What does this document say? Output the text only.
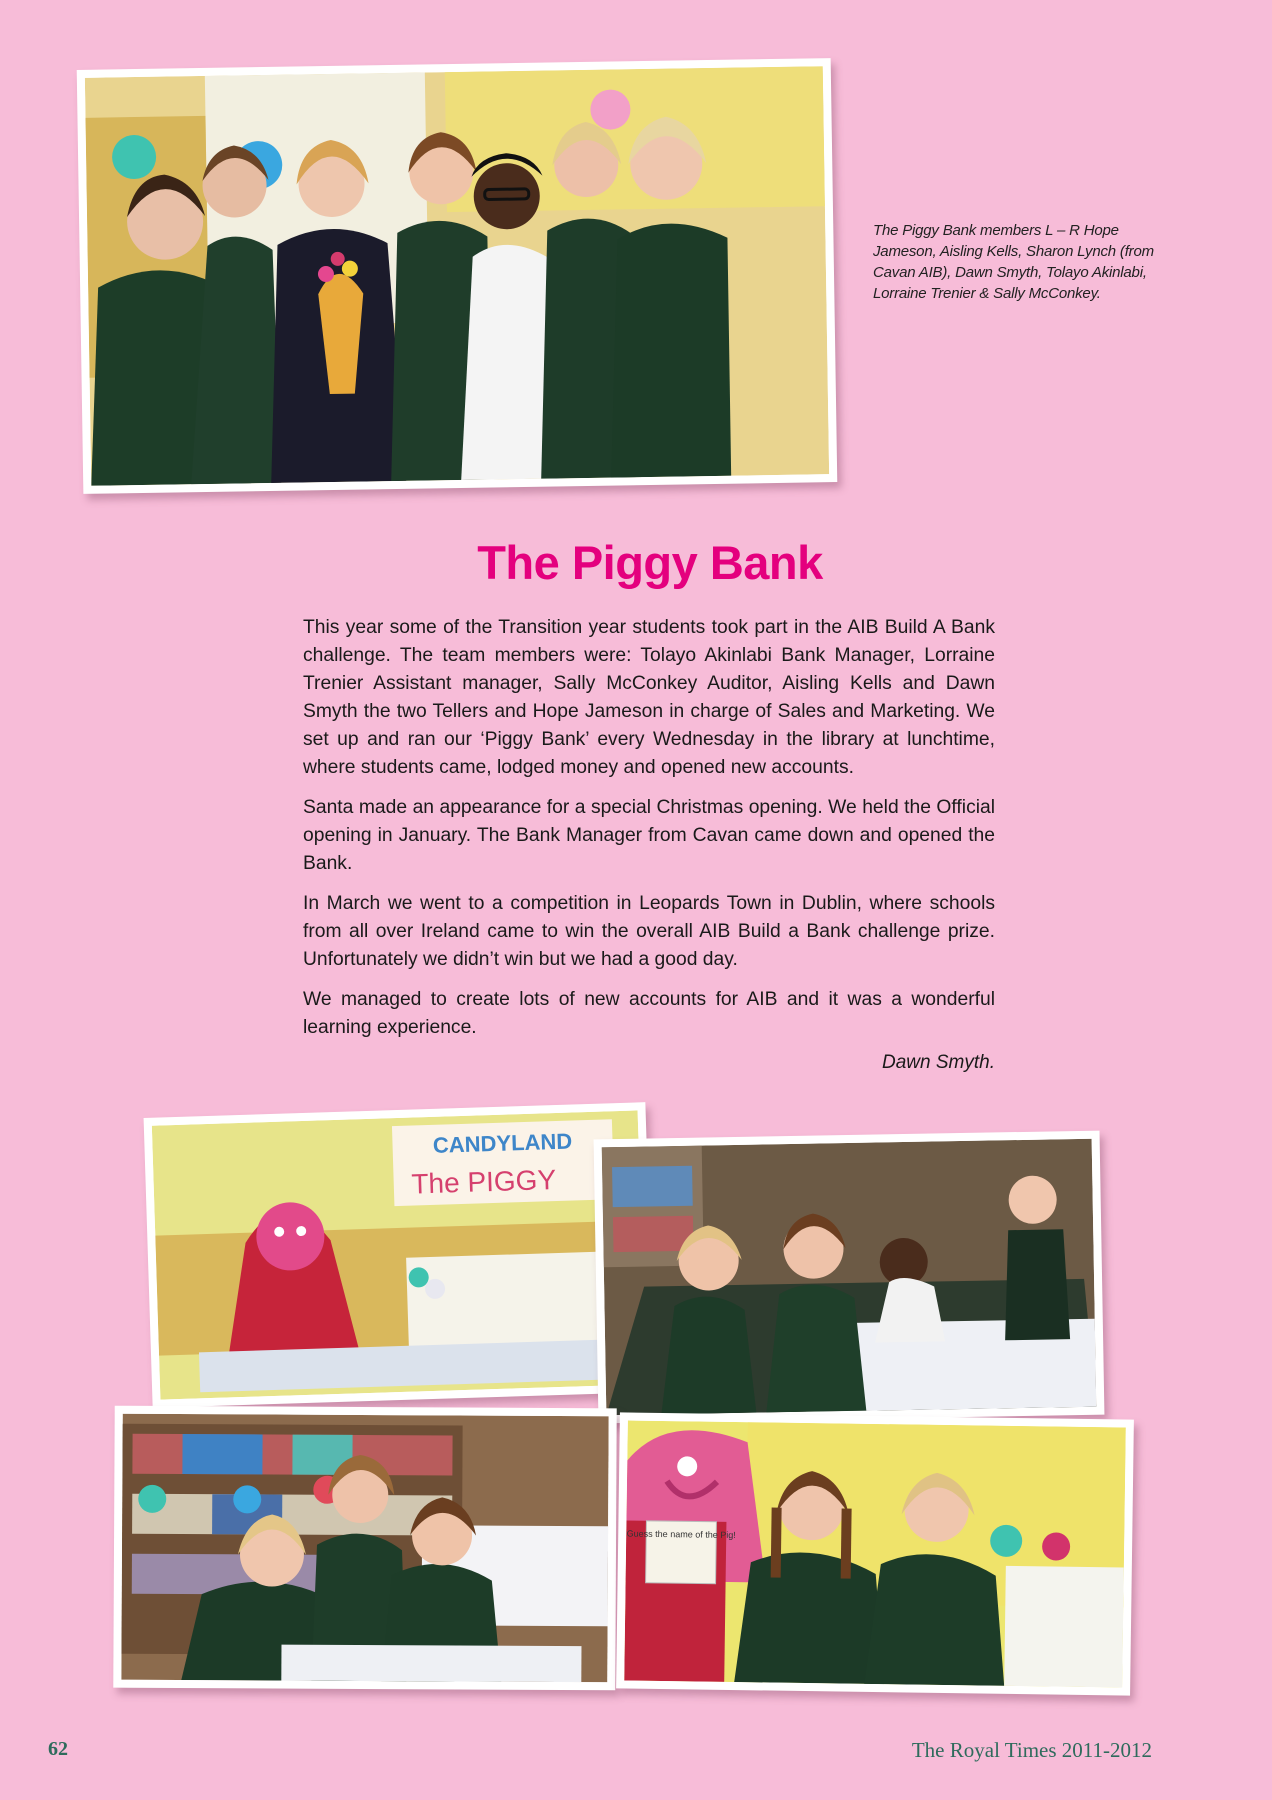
The Piggy Bank members L – R Hope Jameson, Aisling Kells, Sharon Lynch (from Cavan AIB), Dawn Smyth, Tolayo Akinlabi, Lorraine Trenier & Sally McConkey.
The Piggy Bank

This year some of the Transition year students took part in the AIB Build A Bank challenge. The team members were: Tolayo Akinlabi Bank Manager, Lorraine Trenier Assistant manager, Sally McConkey Auditor, Aisling Kells and Dawn Smyth the two Tellers and Hope Jameson in charge of Sales and Marketing. We set up and ran our ‘Piggy Bank’ every Wednesday in the library at lunchtime, where students came, lodged money and opened new accounts.

Santa made an appearance for a special Christmas opening. We held the Official opening in January. The Bank Manager from Cavan came down and opened the Bank.

In March we went to a competition in Leopards Town in Dublin, where schools from all over Ireland came to win the overall AIB Build a Bank challenge prize. Unfortunately we didn’t win but we had a good day.

We managed to create lots of new accounts for AIB and it was a wonderful learning experience.

Dawn Smyth.
CANDYLAND
The PIGGY
Guess the name of the Pig!
62	The Royal Times 2011-2012
